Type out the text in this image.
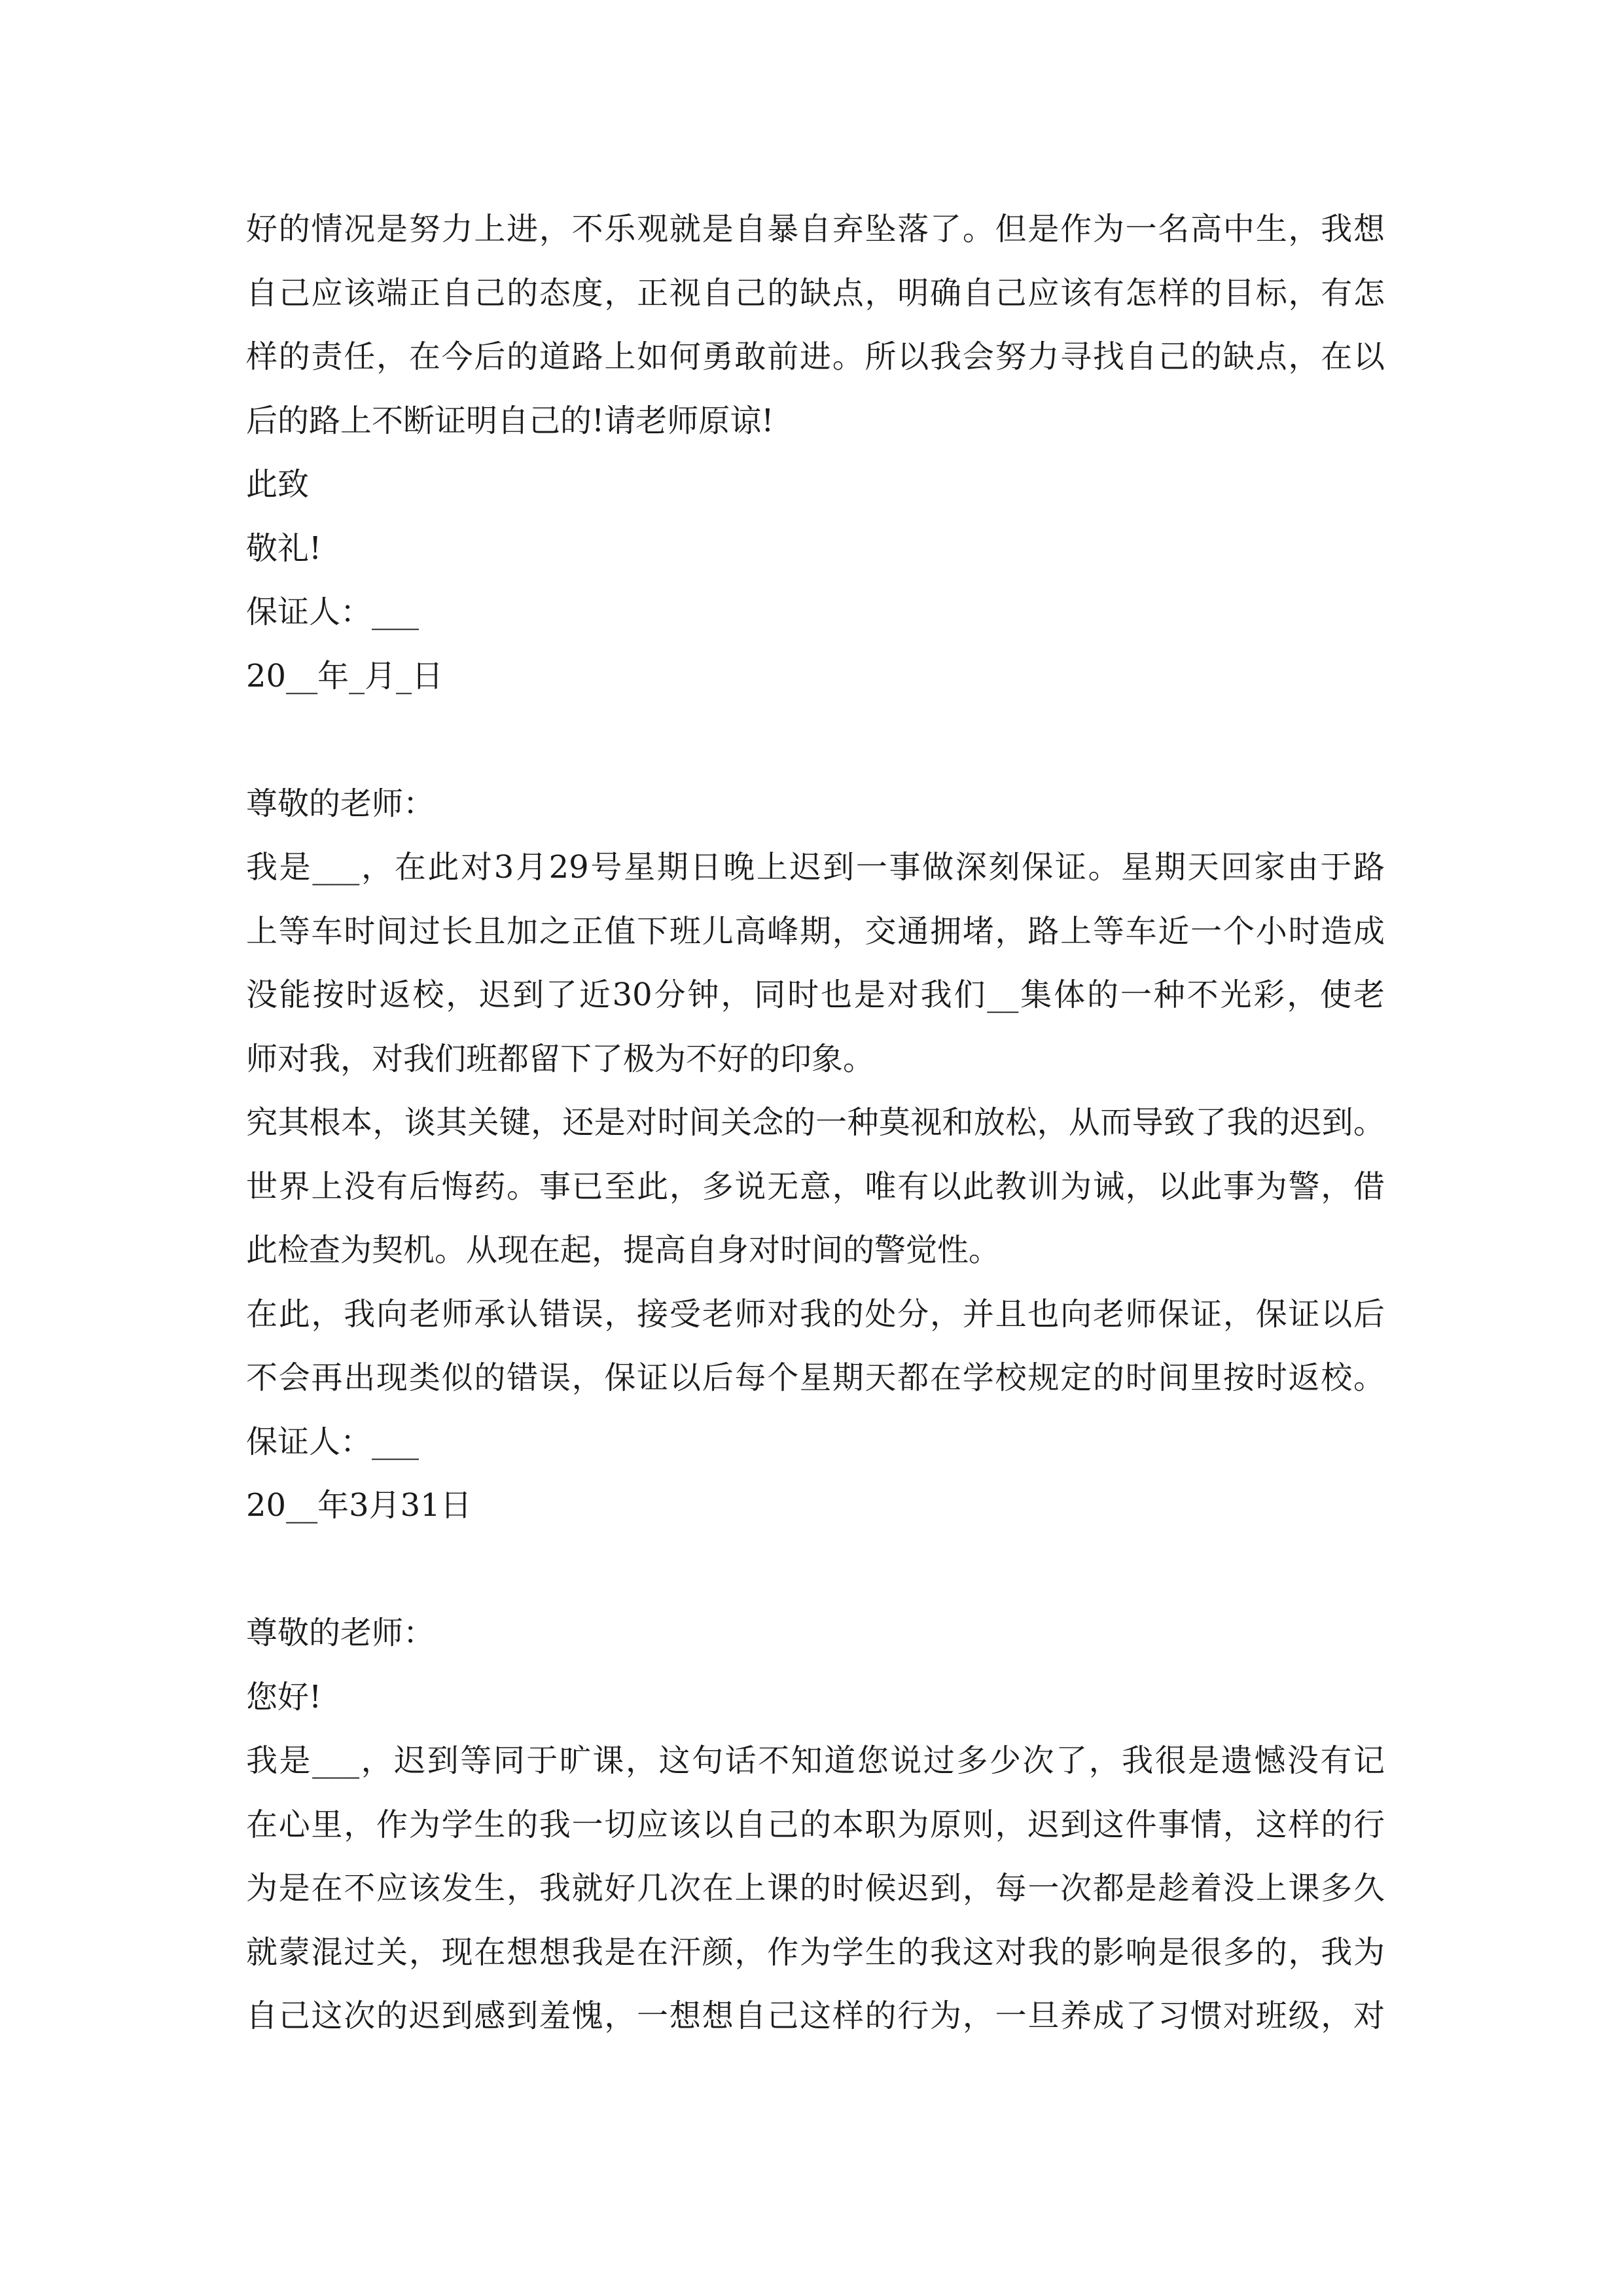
好的情况是努力上进，不乐观就是自暴自弃坠落了。但是作为一名高中生，我想
自己应该端正自己的态度，正视自己的缺点，明确自己应该有怎样的目标，有怎
样的责任，在今后的道路上如何勇敢前进。所以我会努力寻找自己的缺点，在以
后的路上不断证明自己的!请老师原谅!
此致
敬礼!
保证人：___
20__年_月_日
尊敬的老师：
我是___，在此对3月29号星期日晚上迟到一事做深刻保证。星期天回家由于路
上等车时间过长且加之正值下班儿高峰期，交通拥堵，路上等车近一个小时造成
没能按时返校，迟到了近30分钟，同时也是对我们__集体的一种不光彩，使老
师对我，对我们班都留下了极为不好的印象。
究其根本，谈其关键，还是对时间关念的一种莫视和放松，从而导致了我的迟到。
世界上没有后悔药。事已至此，多说无意，唯有以此教训为诫，以此事为警，借
此检查为契机。从现在起，提高自身对时间的警觉性。
在此，我向老师承认错误，接受老师对我的处分，并且也向老师保证，保证以后
不会再出现类似的错误，保证以后每个星期天都在学校规定的时间里按时返校。
保证人：___
20__年3月31日
尊敬的老师：
您好!
我是___，迟到等同于旷课，这句话不知道您说过多少次了，我很是遗憾没有记
在心里，作为学生的我一切应该以自己的本职为原则，迟到这件事情，这样的行
为是在不应该发生，我就好几次在上课的时候迟到，每一次都是趁着没上课多久
就蒙混过关，现在想想我是在汗颜，作为学生的我这对我的影响是很多的，我为
自己这次的迟到感到羞愧，一想想自己这样的行为，一旦养成了习惯对班级，对
